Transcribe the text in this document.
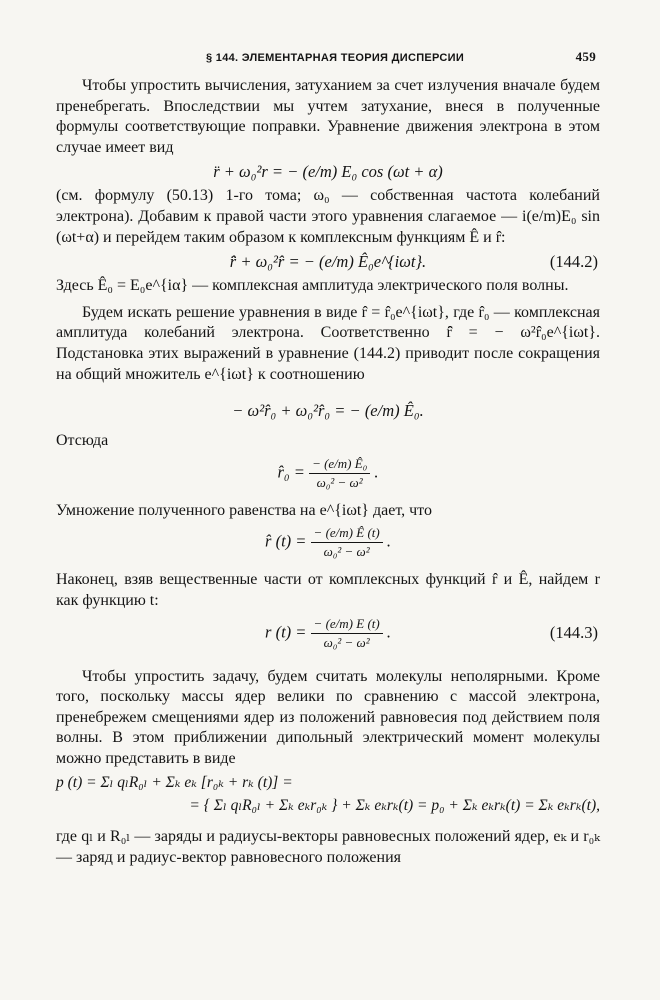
§ 144. ЭЛЕМЕНТАРНАЯ ТЕОРИЯ ДИСПЕРСИИ	459

Чтобы упростить вычисления, затуханием за счет излучения вначале будем пренебрегать. Впоследствии мы учтем затухание, внеся в полученные формулы соответствующие поправки. Уравнение движения электрона в этом случае имеет вид

r̈ + ω₀²r = − (e/m) E₀ cos (ωt + α)

(см. формулу (50.13) 1-го тома; ω₀ — собственная частота колебаний электрона). Добавим к правой части этого уравнения слагаемое — i(e/m)E₀ sin (ωt+α) и перейдем таким образом к комплексным функциям Ê и r̂:

r̂̈ + ω₀²r̂ = − (e/m) Ê₀e^{iωt}.	(144.2)

Здесь Ê₀ = E₀e^{iα} — комплексная амплитуда электрического поля волны.

Будем искать решение уравнения в виде r̂ = r̂₀e^{iωt}, где r̂₀ — комплексная амплитуда колебаний электрона. Соответственно r̂̈ = − ω²r̂₀e^{iωt}. Подстановка этих выражений в уравнение (144.2) приводит после сокращения на общий множитель e^{iωt} к соотношению

− ω²r̂₀ + ω₀²r̂₀ = − (e/m) Ê₀.

Отсюда

r̂₀ = $\frac{\text{− (e/m) Ê₀}}{\text{ω₀² − ω²}}$ .

Умножение полученного равенства на e^{iωt} дает, что

r̂ $(t) = \frac{- (e/m) Ê (t)}{\text{ω₀² − ω²}}$ .

Наконец, взяв вещественные части от комплексных функций r̂ и Ê, найдем r как функцию t:

r $(t) = \frac{- (e/m) E (t)}{\text{ω₀² − ω²}}$ .	(144.3)

Чтобы упростить задачу, будем считать молекулы неполярными. Кроме того, поскольку массы ядер велики по сравнению с массой электрона, пренебрежем смещениями ядер из положений равновесия под действием поля волны. В этом приближении дипольный электрический момент молекулы можно представить в виде

p (t) = Σₗ qₗR₀ₗ + Σₖ eₖ [r₀ₖ + rₖ (t)] =
= { Σₗ qₗR₀ₗ + Σₖ eₖr₀ₖ } + Σₖ eₖrₖ(t) = p₀ + Σₖ eₖrₖ(t) = Σₖ eₖrₖ(t),

где qₗ и R₀ₗ — заряды и радиусы-векторы равновесных положений ядер, eₖ и r₀ₖ — заряд и радиус-вектор равновесного положения
